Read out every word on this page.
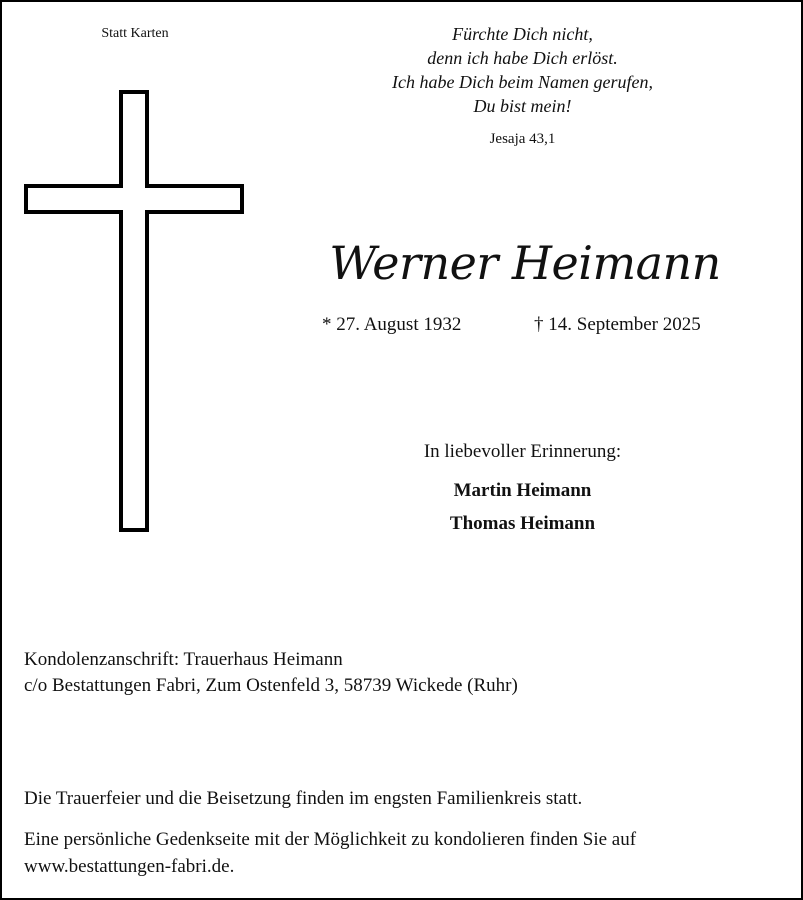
Statt Karten	Fürchte Dich nicht,
denn ich habe Dich erlöst.
Ich habe Dich beim Namen gerufen,
Du bist mein!
Jesaja 43,1
Werner Heimann
* 27. August 1932	† 14. September 2025
In liebevoller Erinnerung:
Martin Heimann
Thomas Heimann
Kondolenzanschrift: Trauerhaus Heimann
c/o Bestattungen Fabri, Zum Ostenfeld 3, 58739 Wickede (Ruhr)
Die Trauerfeier und die Beisetzung finden im engsten Familienkreis statt.
Eine persönliche Gedenkseite mit der Möglichkeit zu kondolieren finden Sie auf
www.bestattungen-fabri.de.
